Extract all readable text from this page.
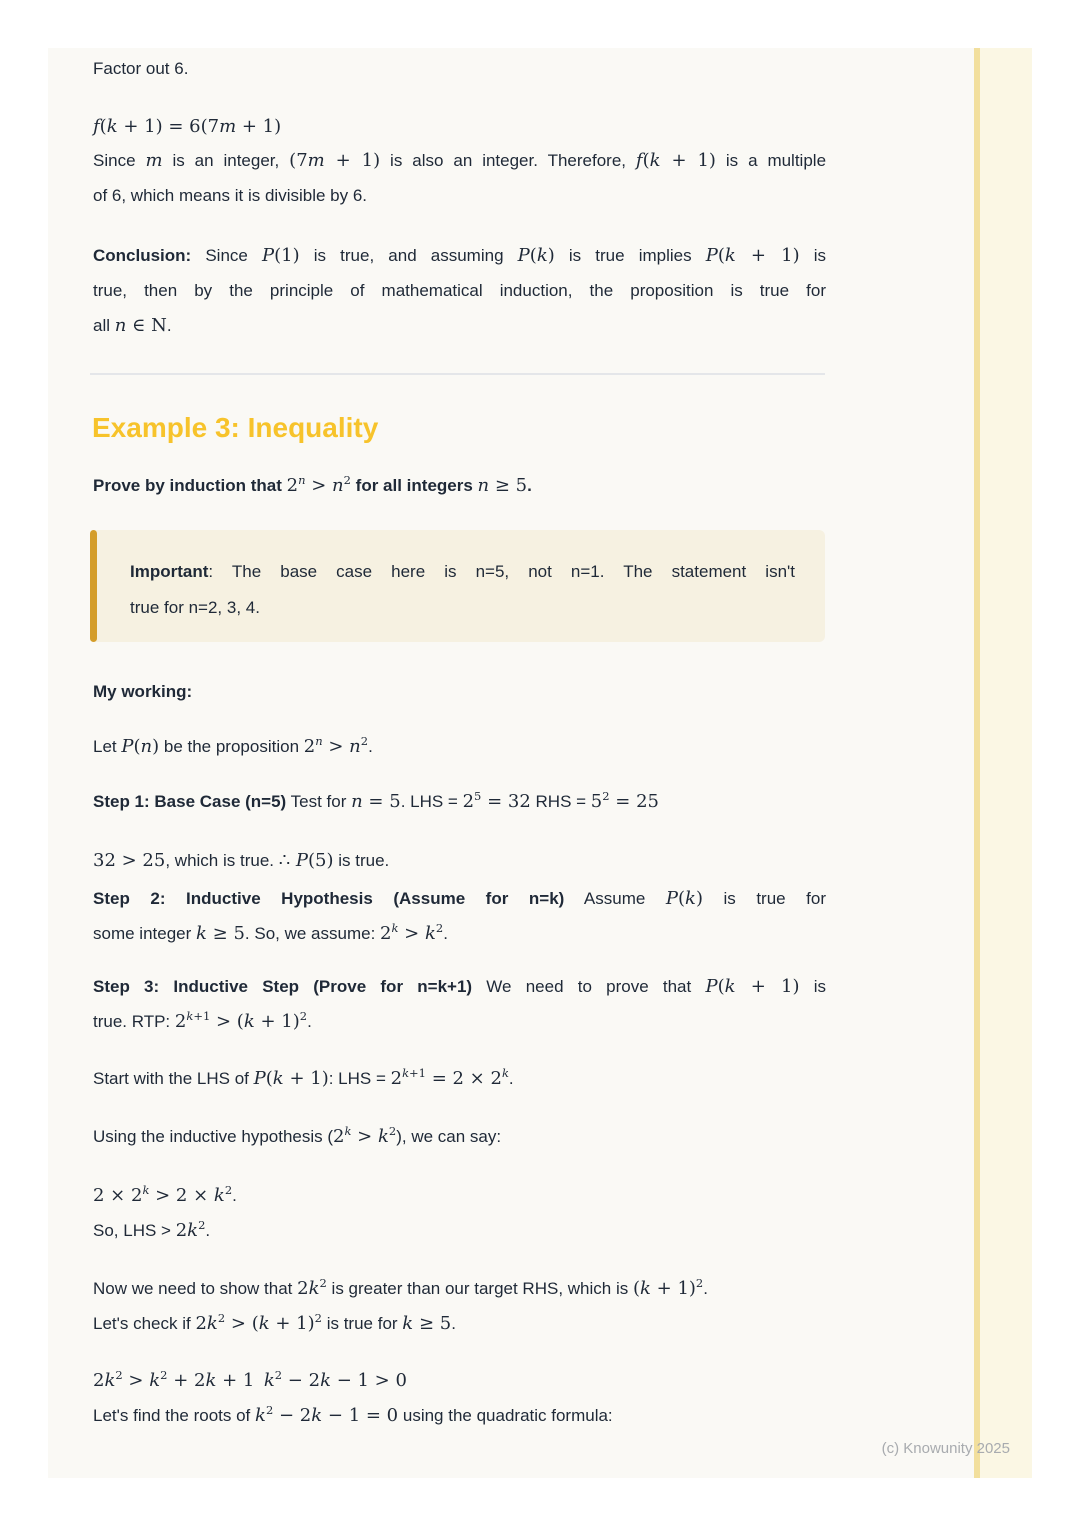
Factor out 6.
f(k + 1) = 6(7m + 1)
Since m is an integer, (7m + 1) is also an integer. Therefore, f(k + 1) is a multiple
of 6, which means it is divisible by 6.
Conclusion: Since P(1) is true, and assuming P(k) is true implies P(k + 1) is
true, then by the principle of mathematical induction, the proposition is true for
all n ∈ N.
Example 3: Inequality
Prove by induction that $2^n > n^2$ for all integers n ≥ 5.
Important: The base case here is n=5, not n=1. The statement isn't
true for n=2, 3, 4.
My working:
Let P(n) be the proposition $2^n > n^2$.
Step 1: Base Case (n=5) Test for n = 5. LHS = $2^5 = 32$ RHS = $5^2 = 25$
32 > 25, which is true. ∴ P(5) is true.
Step 2: Inductive Hypothesis (Assume for n=k) Assume P(k) is true for
some integer k ≥ 5. So, we assume: $2^k > k^2$.
Step 3: Inductive Step (Prove for n=k+1) We need to prove that P(k + 1) is
true. RTP: $2^{k+1} > (k + 1)^2$.
Start with the LHS of P(k + 1): LHS = $2^{k+1} = 2 \times 2^k$.
Using the inductive hypothesis $(2^k > k^2)$, we can say:
$2 \times 2^k > 2 \times k^2$.
So, LHS > $2k^2$.
Now we need to show that $2k^2$ is greater than our target RHS, which is $(k + 1)^2$.
Let's check if $2k^2 > (k + 1)^2$ is true for k ≥ 5.
$2k^2 > k^2 + 2k + 1$ $k^2 - 2k - 1 > 0$
Let's find the roots of $k^2 - 2k - 1 = 0$ using the quadratic formula:
(c) Knowunity 2025
